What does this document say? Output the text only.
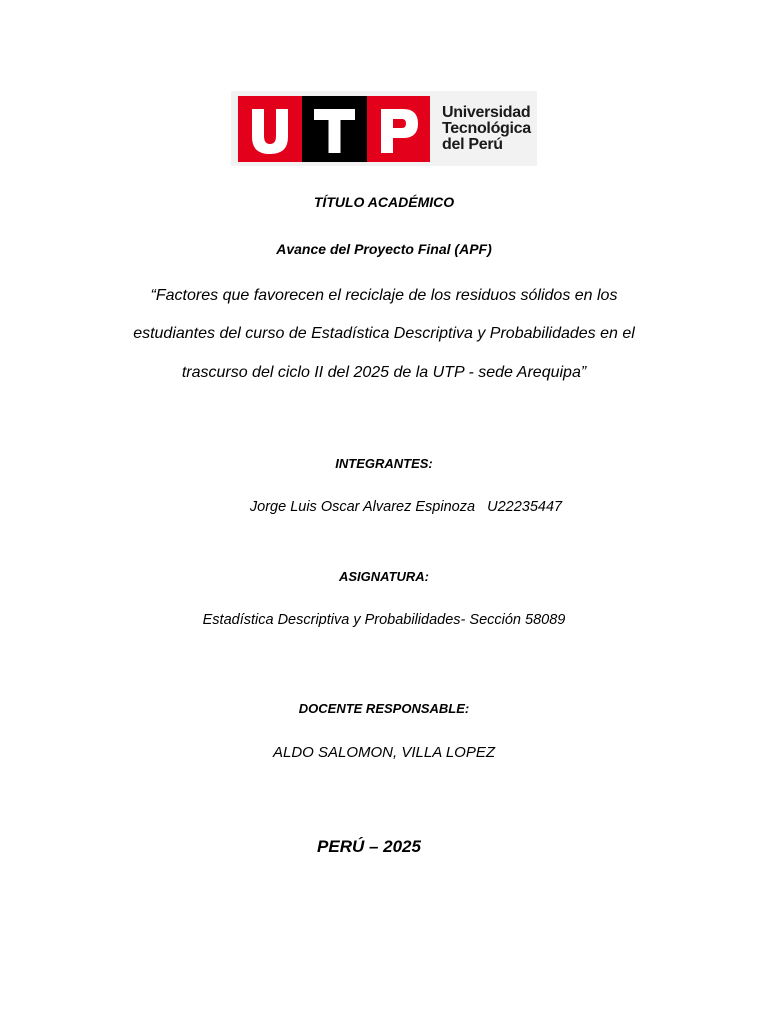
Universidad
Tecnológica
del Perú
TÍTULO ACADÉMICO
Avance del Proyecto Final (APF)
“Factores que favorecen el reciclaje de los residuos sólidos en los
estudiantes del curso de Estadística Descriptiva y Probabilidades en el
trascurso del ciclo II del 2025 de la UTP - sede Arequipa”
INTEGRANTES:
Jorge Luis Oscar Alvarez Espinoza   U22235447
ASIGNATURA:
Estadística Descriptiva y Probabilidades- Sección 58089
DOCENTE RESPONSABLE:
ALDO SALOMON, VILLA LOPEZ
PERÚ – 2025
